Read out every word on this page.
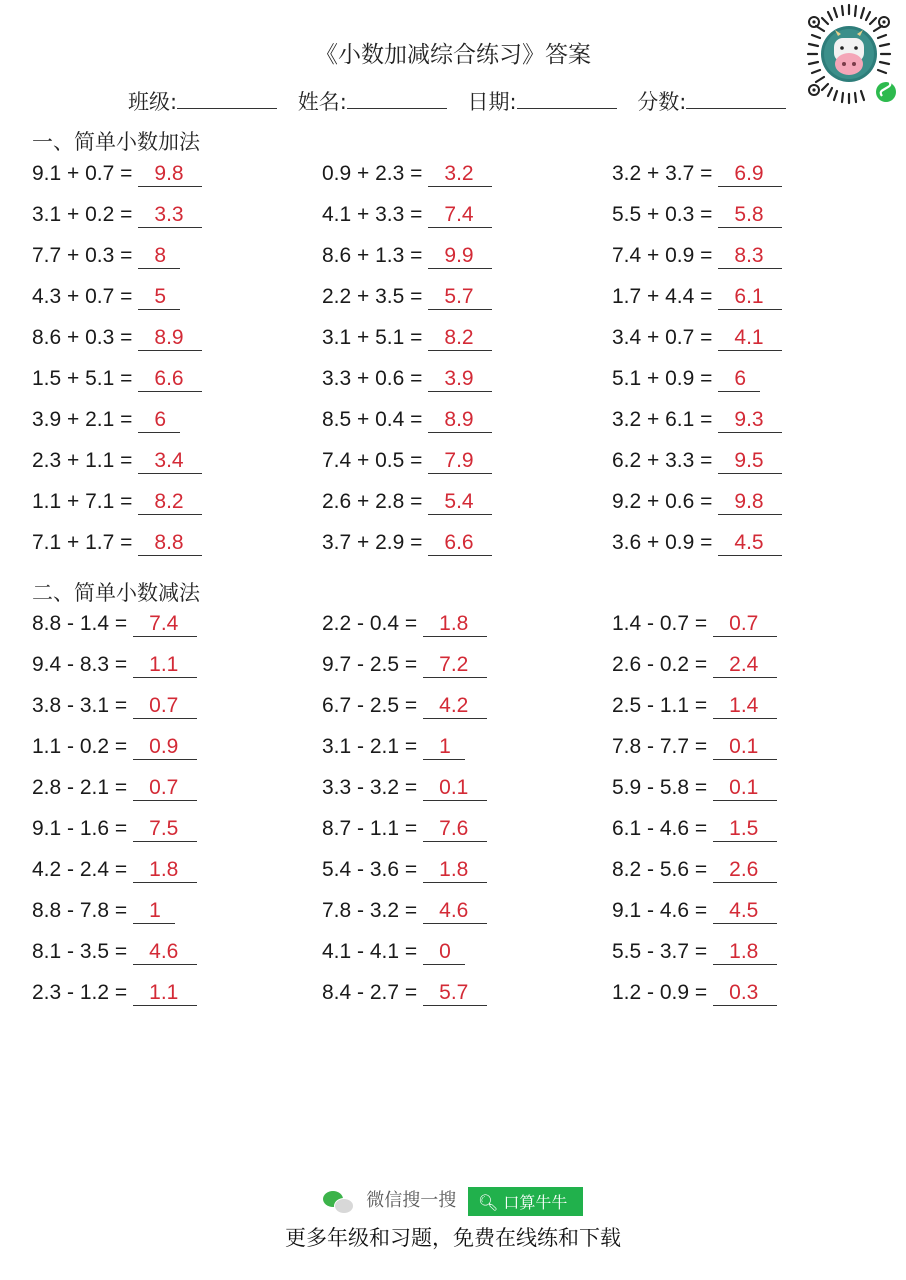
《小数加减综合练习》答案
班级:	姓名:	日期:	分数:
一、简单小数加法
9.1 + 0.7 = 9.8	0.9 + 2.3 = 3.2	3.2 + 3.7 = 6.9
3.1 + 0.2 = 3.3	4.1 + 3.3 = 7.4	5.5 + 0.3 = 5.8
7.7 + 0.3 = 8	8.6 + 1.3 = 9.9	7.4 + 0.9 = 8.3
4.3 + 0.7 = 5	2.2 + 3.5 = 5.7	1.7 + 4.4 = 6.1
8.6 + 0.3 = 8.9	3.1 + 5.1 = 8.2	3.4 + 0.7 = 4.1
1.5 + 5.1 = 6.6	3.3 + 0.6 = 3.9	5.1 + 0.9 = 6
3.9 + 2.1 = 6	8.5 + 0.4 = 8.9	3.2 + 6.1 = 9.3
2.3 + 1.1 = 3.4	7.4 + 0.5 = 7.9	6.2 + 3.3 = 9.5
1.1 + 7.1 = 8.2	2.6 + 2.8 = 5.4	9.2 + 0.6 = 9.8
7.1 + 1.7 = 8.8	3.7 + 2.9 = 6.6	3.6 + 0.9 = 4.5
二、简单小数减法
8.8 - 1.4 = 7.4	2.2 - 0.4 = 1.8	1.4 - 0.7 = 0.7
9.4 - 8.3 = 1.1	9.7 - 2.5 = 7.2	2.6 - 0.2 = 2.4
3.8 - 3.1 = 0.7	6.7 - 2.5 = 4.2	2.5 - 1.1 = 1.4
1.1 - 0.2 = 0.9	3.1 - 2.1 = 1	7.8 - 7.7 = 0.1
2.8 - 2.1 = 0.7	3.3 - 3.2 = 0.1	5.9 - 5.8 = 0.1
9.1 - 1.6 = 7.5	8.7 - 1.1 = 7.6	6.1 - 4.6 = 1.5
4.2 - 2.4 = 1.8	5.4 - 3.6 = 1.8	8.2 - 5.6 = 2.6
8.8 - 7.8 = 1	7.8 - 3.2 = 4.6	9.1 - 4.6 = 4.5
8.1 - 3.5 = 4.6	4.1 - 4.1 = 0	5.5 - 3.7 = 1.8
2.3 - 1.2 = 1.1	8.4 - 2.7 = 5.7	1.2 - 0.9 = 0.3
微信搜一搜 🔍︎ 口算牛牛
更多年级和习题，免费在线练和下载
